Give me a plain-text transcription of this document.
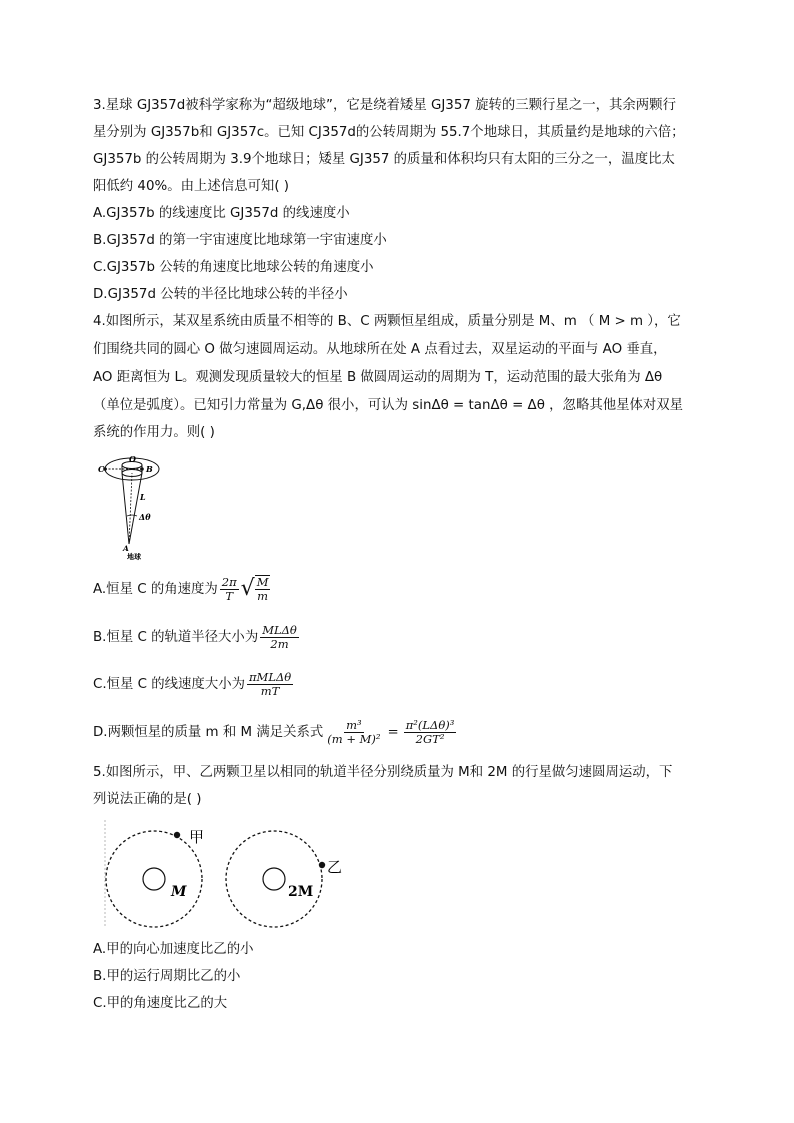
3.星球 GJ357d被科学家称为“超级地球”，它是绕着矮星 GJ357 旋转的三颗行星之一，其余两颗行
星分别为 GJ357b和 GJ357c。已知 CJ357d的公转周期为 55.7个地球日，其质量约是地球的六倍；
GJ357b 的公转周期为 3.9个地球日；矮星 GJ357 的质量和体积均只有太阳的三分之一，温度比太
阳低约 40%。由上述信息可知( )
A.GJ357b 的线速度比 GJ357d 的线速度小
B.GJ357d 的第一宇宙速度比地球第一宇宙速度小
C.GJ357b 公转的角速度比地球公转的角速度小
D.GJ357d 公转的半径比地球公转的半径小
4.如图所示，某双星系统由质量不相等的 B、C 两颗恒星组成，质量分别是 M、m （ M > m ），它
们围绕共同的圆心 O 做匀速圆周运动。从地球所在处 A 点看过去，双星运动的平面与 AO 垂直，
AO 距离恒为 L。观测发现质量较大的恒星 B 做圆周运动的周期为 T，运动范围的最大张角为 Δθ
（单位是弧度）。已知引力常量为 G,Δθ 很小，可认为 sinΔθ = tanΔθ = Δθ ，忽略其他星体对双星
系统的作用力。则( )
C
O
B
L
Δθ
A
地球
A.恒星 C 的角速度为 $\frac{2\pi}{T}$ √ $\frac{M}{m}$
B.恒星 C 的轨道半径大小为 $\frac{\text{MLΔθ}}{2m}$
C.恒星 C 的线速度大小为 $\frac{\text{πMLΔθ}}{mT}$
D.两颗恒星的质量 m 和 M 满足关系式 $\frac{\text{m³}}{\text{(m + M)²}} = \frac{\text{π²(LΔθ)³}}{\text{2GT²}}$
5.如图所示，甲、乙两颗卫星以相同的轨道半径分别绕质量为 M和 2M 的行星做匀速圆周运动，下
列说法正确的是( )
甲
M
乙
2M
A.甲的向心加速度比乙的小
B.甲的运行周期比乙的小
C.甲的角速度比乙的大
